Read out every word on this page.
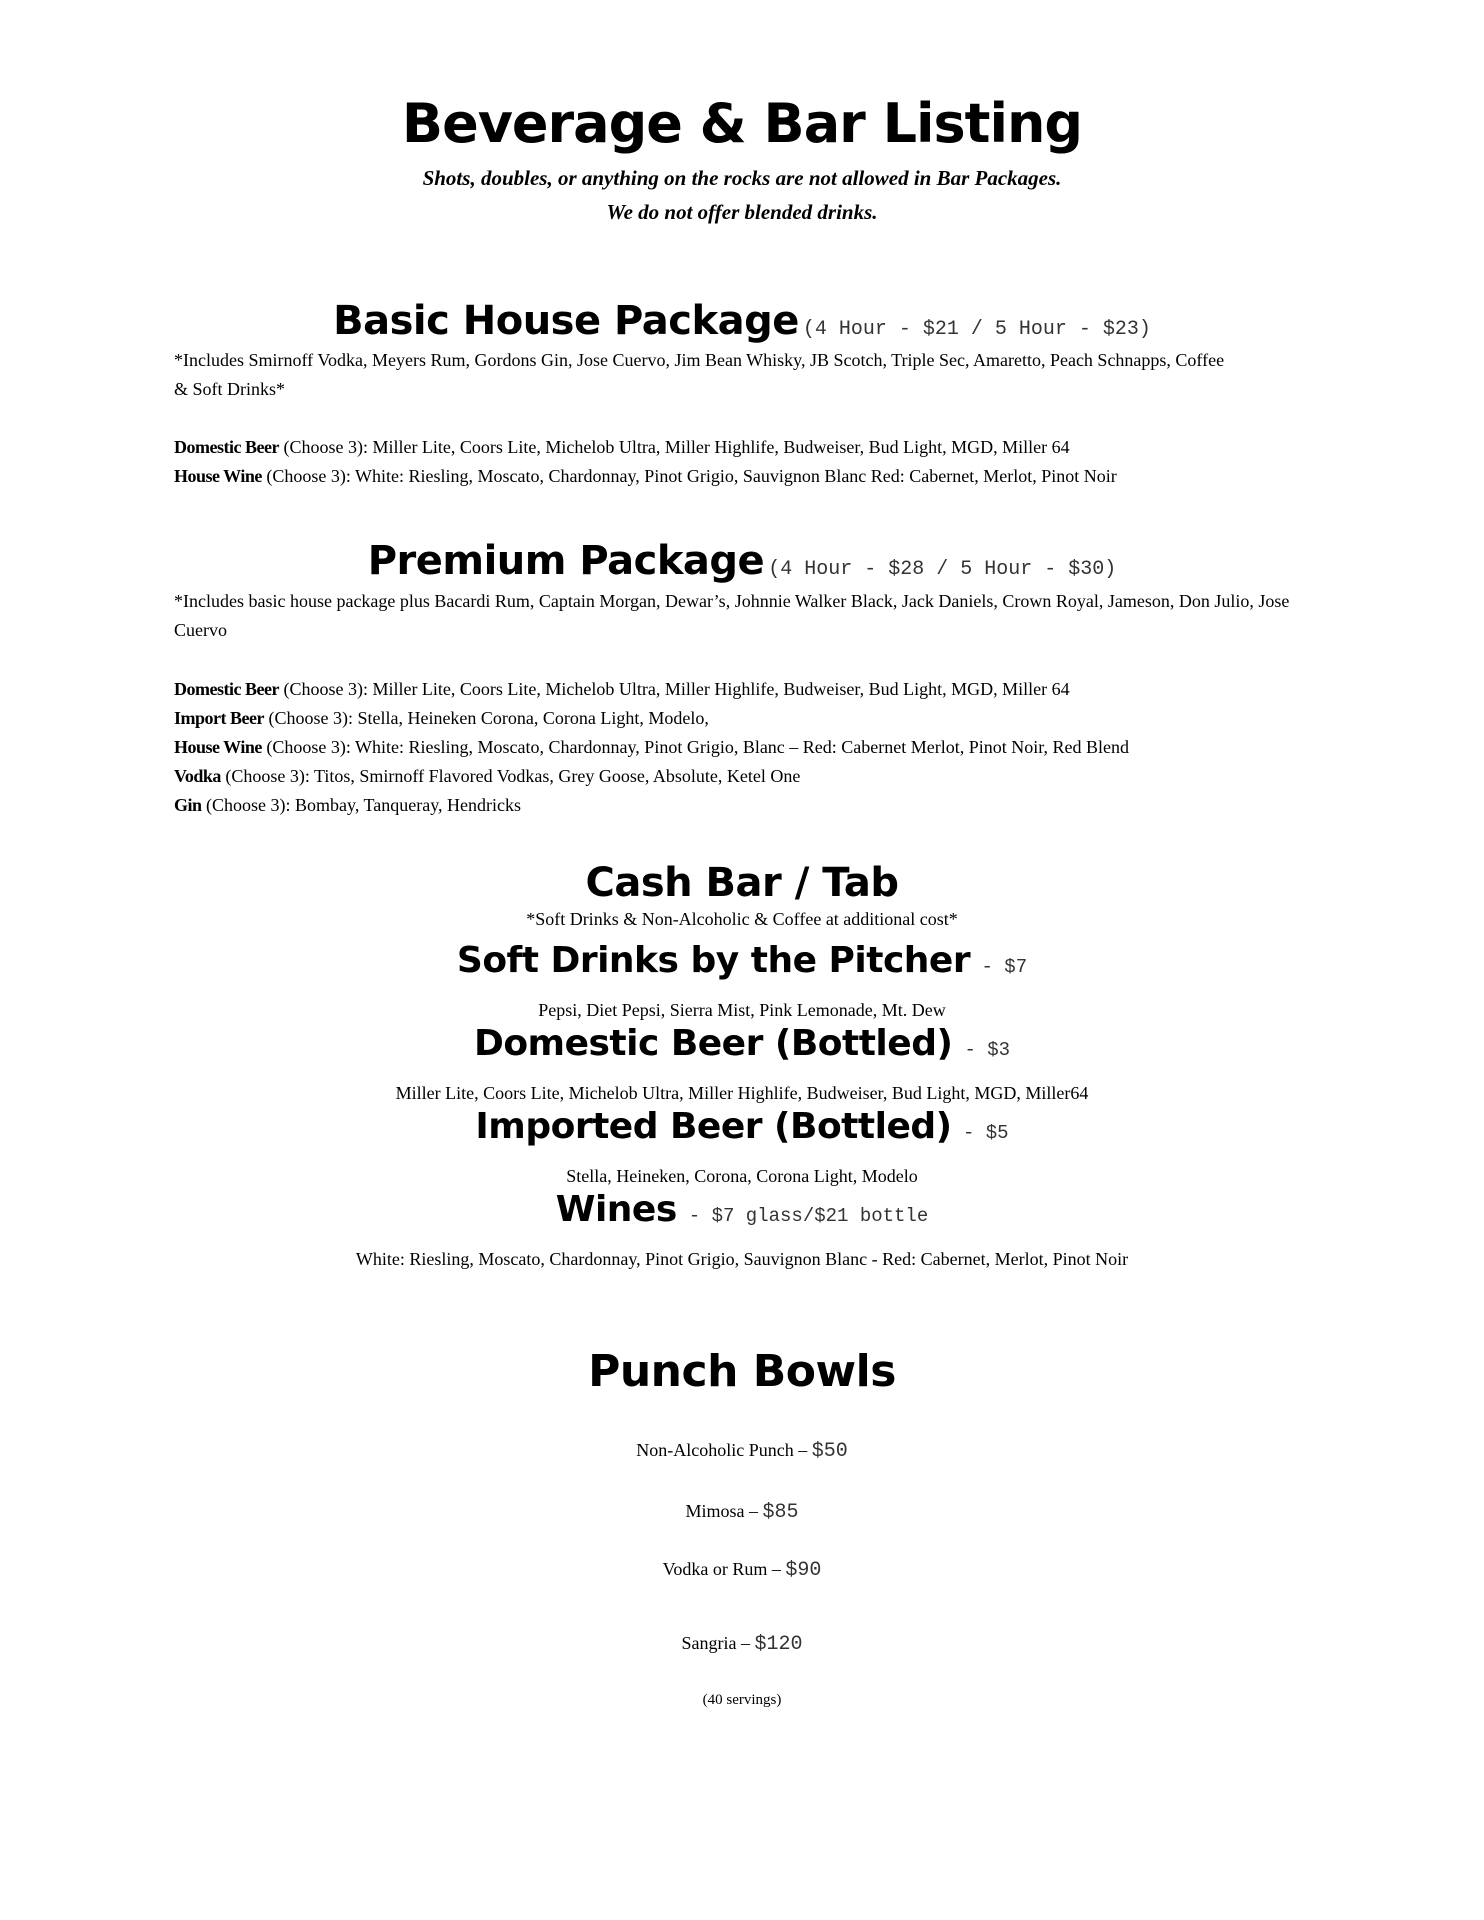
Beverage & Bar Listing
Shots, doubles, or anything on the rocks are not allowed in Bar Packages.
We do not offer blended drinks.
Basic House Package (4 Hour - $21 / 5 Hour - $23)
*Includes Smirnoff Vodka, Meyers Rum, Gordons Gin, Jose Cuervo, Jim Bean Whisky, JB Scotch, Triple Sec, Amaretto, Peach Schnapps, Coffee
& Soft Drinks*
Domestic Beer (Choose 3): Miller Lite, Coors Lite, Michelob Ultra, Miller Highlife, Budweiser, Bud Light, MGD, Miller 64
House Wine (Choose 3): White: Riesling, Moscato, Chardonnay, Pinot Grigio, Sauvignon Blanc Red: Cabernet, Merlot, Pinot Noir
Premium Package (4 Hour - $28 / 5 Hour - $30)
*Includes basic house package plus Bacardi Rum, Captain Morgan, Dewar’s, Johnnie Walker Black, Jack Daniels, Crown Royal, Jameson, Don Julio, Jose
Cuervo
Domestic Beer (Choose 3): Miller Lite, Coors Lite, Michelob Ultra, Miller Highlife, Budweiser, Bud Light, MGD, Miller 64
Import Beer (Choose 3): Stella, Heineken Corona, Corona Light, Modelo,
House Wine (Choose 3): White: Riesling, Moscato, Chardonnay, Pinot Grigio, Blanc – Red: Cabernet Merlot, Pinot Noir, Red Blend
Vodka (Choose 3): Titos, Smirnoff Flavored Vodkas, Grey Goose, Absolute, Ketel One
Gin (Choose 3): Bombay, Tanqueray, Hendricks
Cash Bar / Tab
*Soft Drinks & Non-Alcoholic & Coffee at additional cost*
Soft Drinks by the Pitcher - $7
Pepsi, Diet Pepsi, Sierra Mist, Pink Lemonade, Mt. Dew
Domestic Beer (Bottled) - $3
Miller Lite, Coors Lite, Michelob Ultra, Miller Highlife, Budweiser, Bud Light, MGD, Miller64
Imported Beer (Bottled) - $5
Stella, Heineken, Corona, Corona Light, Modelo
Wines - $7 glass/$21 bottle
White: Riesling, Moscato, Chardonnay, Pinot Grigio, Sauvignon Blanc - Red: Cabernet, Merlot, Pinot Noir
Punch Bowls
Non-Alcoholic Punch – $50
Mimosa – $85
Vodka or Rum – $90
Sangria – $120
(40 servings)
